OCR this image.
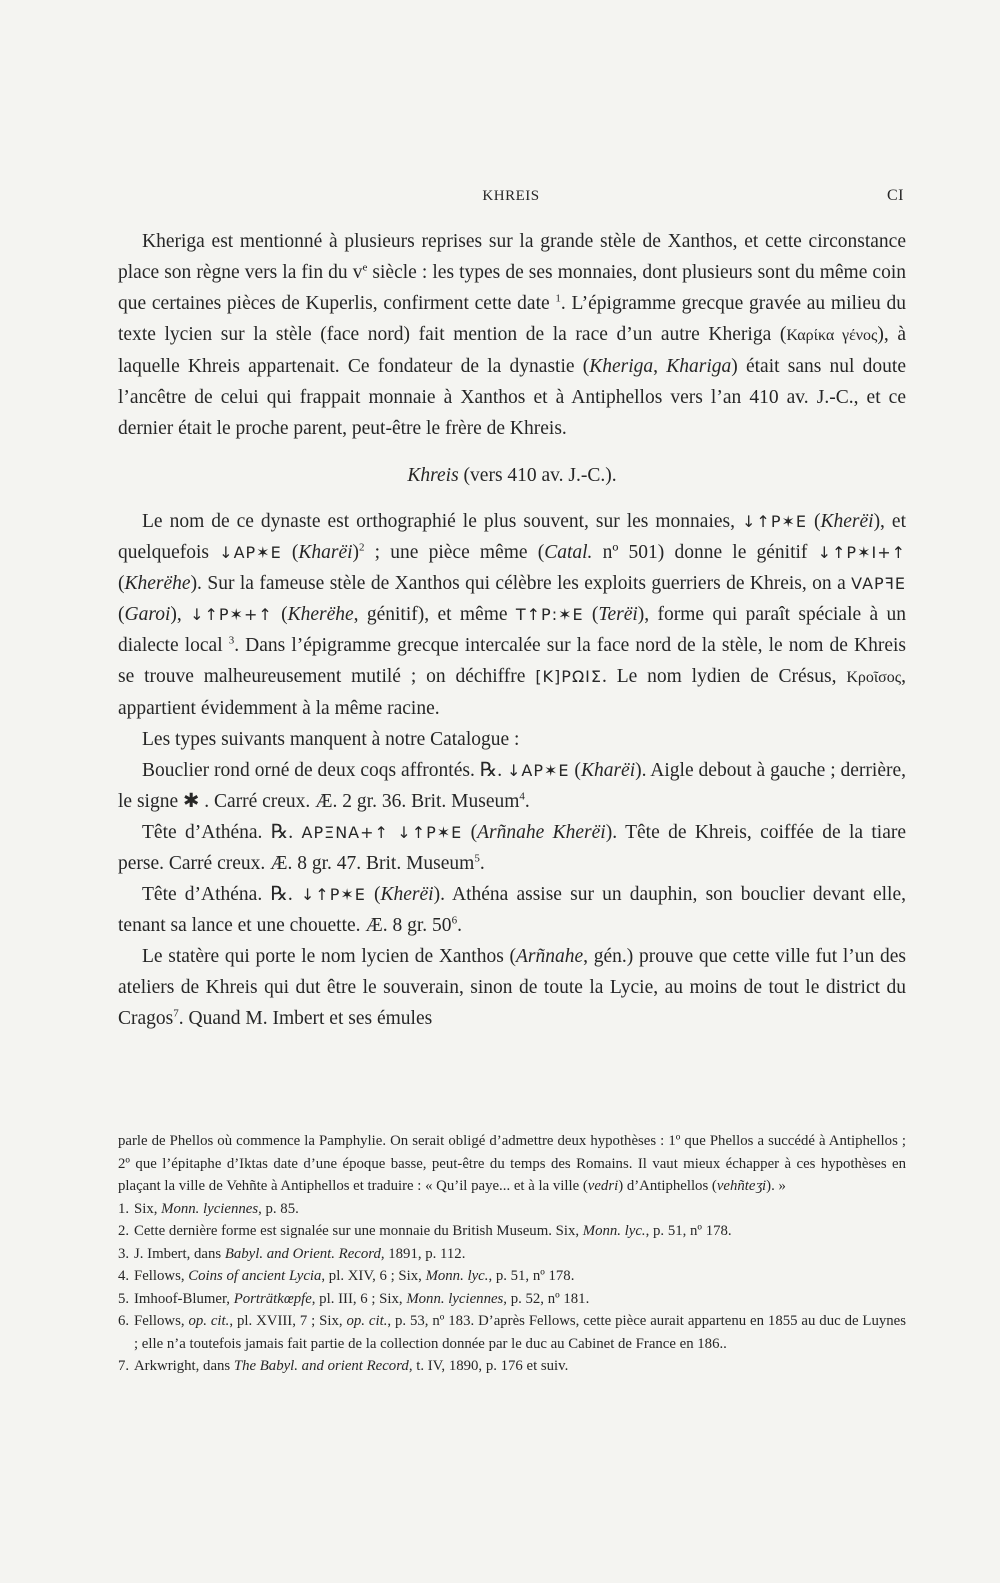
KHREIS	CI

Kheriga est mentionné à plusieurs reprises sur la grande stèle de Xanthos, et cette circonstance place son règne vers la fin du $v^e$ siècle : les types de ses monnaies, dont plusieurs sont du même coin que certaines pièces de Kuperlis, confirment cette date $^1$. L’épigramme grecque gravée au milieu du texte lycien sur la stèle (face nord) fait mention de la race d’un autre Kheriga (Καρίκα γένος), à laquelle Khreis appartenait. Ce fondateur de la dynastie (Kheriga, Khariga) était sans nul doute l’ancêtre de celui qui frappait monnaie à Xanthos et à Antiphellos vers l’an 410 av. J.-C., et ce dernier était le proche parent, peut-être le frère de Khreis.

Khreis (vers 410 av. J.-C.).

Le nom de ce dynaste est orthographié le plus souvent, sur les monnaies, ↓↑P✶E (Kherëi), et quelquefois ↓AP✶E (Kharëi)$^2$ ; une pièce même (Catal. nº 501) donne le génitif ↓↑P✶I+↑ (Kherëhe). Sur la fameuse stèle de Xanthos qui célèbre les exploits guerriers de Khreis, on a VAPꟻE (Garoi), ↓↑P✶+↑ (Kherëhe, génitif), et même T↑P:✶E (Terëi), forme qui paraît spéciale à un dialecte local $^3$. Dans l’épigramme grecque intercalée sur la face nord de la stèle, le nom de Khreis se trouve malheureusement mutilé ; on déchiffre [K]PΩIΣ. Le nom lydien de Crésus, Κροῖσος, appartient évidemment à la même racine.

Les types suivants manquent à notre Catalogue :

Bouclier rond orné de deux coqs affrontés. ℞. ↓AP✶E (Kharëi). Aigle debout à gauche ; derrière, le signe ✱ . Carré creux. Æ. 2 gr. 36. Brit. Museum$^4$.

Tête d’Athéna. ℞. APΞNA+↑ ↓↑P✶E (Arñnahe Kherëi). Tête de Khreis, coiffée de la tiare perse. Carré creux. Æ. 8 gr. 47. Brit. Museum$^5$.

Tête d’Athéna. ℞. ↓↑P✶E (Kherëi). Athéna assise sur un dauphin, son bouclier devant elle, tenant sa lance et une chouette. Æ. 8 gr. $50^6$.

Le statère qui porte le nom lycien de Xanthos (Arñnahe, gén.) prouve que cette ville fut l’un des ateliers de Khreis qui dut être le souverain, sinon de toute la Lycie, au moins de tout le district du Cragos$^7$. Quand M. Imbert et ses émules

parle de Phellos où commence la Pamphylie. On serait obligé d’admettre deux hypothèses : 1º que Phellos a succédé à Antiphellos ; 2º que l’épitaphe d’Iktas date d’une époque basse, peut-être du temps des Romains. Il vaut mieux échapper à ces hypothèses en plaçant la ville de Vehñte à Antiphellos et traduire : « Qu’il paye... et à la ville (vedri) d’Antiphellos (vehñteӡi). »

1. Six, Monn. lyciennes, p. 85.

2. Cette dernière forme est signalée sur une monnaie du British Museum. Six, Monn. lyc., p. 51, nº 178.

3. J. Imbert, dans Babyl. and Orient. Record, 1891, p. 112.

4. Fellows, Coins of ancient Lycia, pl. XIV, 6 ; Six, Monn. lyc., p. 51, nº 178.

5. Imhoof-Blumer, Porträtkœpfe, pl. III, 6 ; Six, Monn. lyciennes, p. 52, nº 181.

6. Fellows, op. cit., pl. XVIII, 7 ; Six, op. cit., p. 53, nº 183. D’après Fellows, cette pièce aurait appartenu en 1855 au duc de Luynes ; elle n’a toutefois jamais fait partie de la collection donnée par le duc au Cabinet de France en 186..

7. Arkwright, dans The Babyl. and orient Record, t. IV, 1890, p. 176 et suiv.
